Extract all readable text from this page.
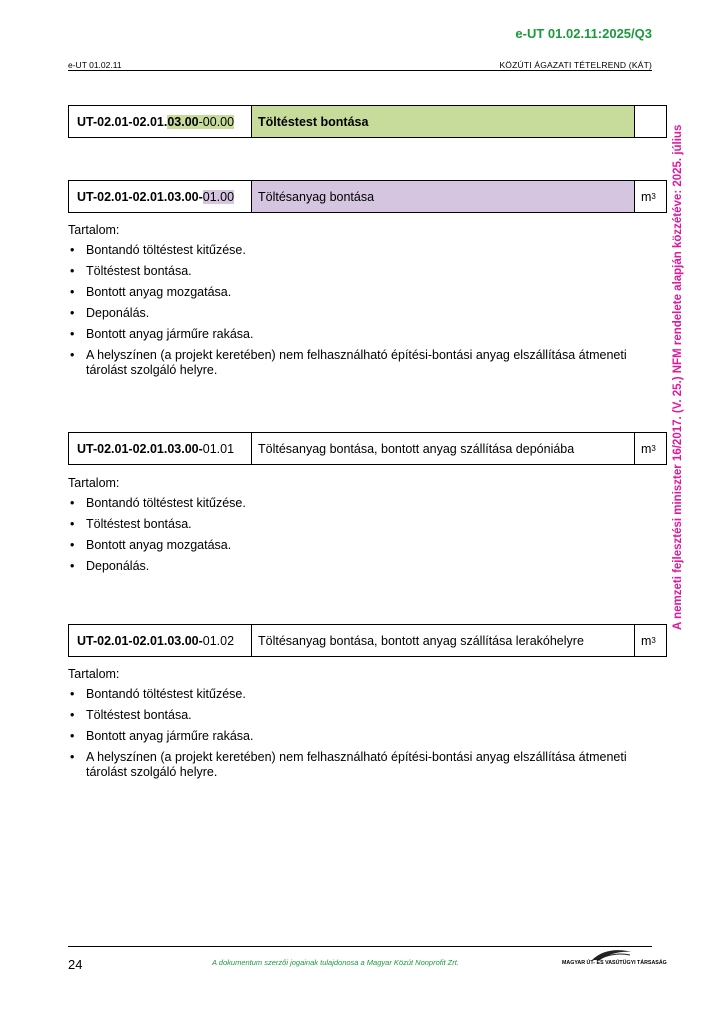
e-UT 01.02.11:2025/Q3
e-UT 01.02.11	KÖZÚTI ÁGAZATI TÉTELREND (KÁT)
A nemzeti fejlesztési miniszter 16/2017. (V. 25.) NFM rendelete alapján közzétéve: 2025. július
UT-02.01-02.01. 03.00 -00.00	Töltéstest bontása
UT-02.01-02.01.03.00- 01.00	Töltésanyag bontása	m 3

Tartalom:

• Bontandó töltéstest kitűzése.
• Töltéstest bontása.
• Bontott anyag mozgatása.
• Deponálás.
• Bontott anyag járműre rakása.
• A helyszínen (a projekt keretében) nem felhasználható építési-bontási anyag elszállítása átmeneti tárolást szolgáló helyre.
UT-02.01-02.01.03.00- 01.01	Töltésanyag bontása, bontott anyag szállítása depóniába	m 3

Tartalom:

• Bontandó töltéstest kitűzése.
• Töltéstest bontása.
• Bontott anyag mozgatása.
• Deponálás.
UT-02.01-02.01.03.00- 01.02	Töltésanyag bontása, bontott anyag szállítása lerakóhelyre	m 3

Tartalom:

• Bontandó töltéstest kitűzése.
• Töltéstest bontása.
• Bontott anyag járműre rakása.
• A helyszínen (a projekt keretében) nem felhasználható építési-bontási anyag elszállítása átmeneti tárolást szolgáló helyre.
24	A dokumentum szerzői jogainak tulajdonosa a Magyar Közút Nonprofit Zrt.	MAGYAR ÚT- ÉS VASÚTÜGYI TÁRSASÁG
